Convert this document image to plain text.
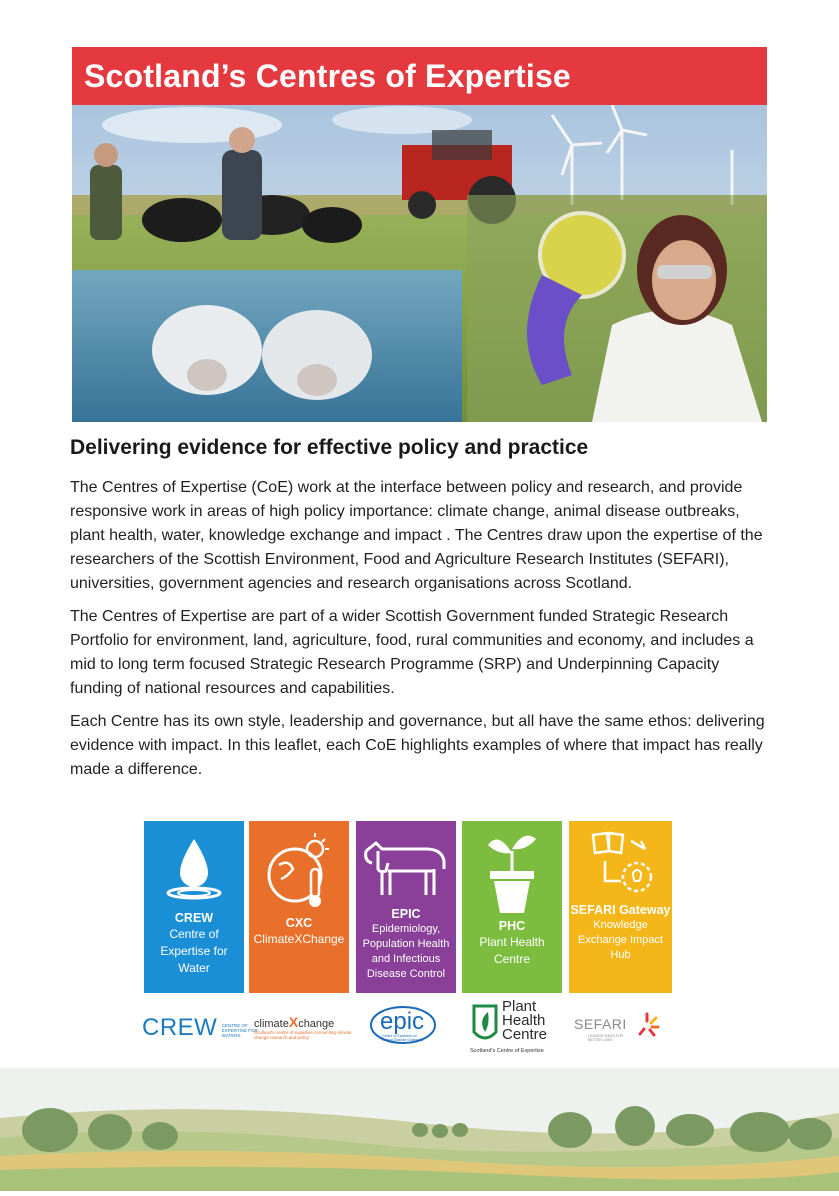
Scotland’s Centres of Expertise
Delivering evidence for effective policy and practice

The Centres of Expertise (CoE) work at the interface between policy and research, and provide responsive work in areas of high policy importance: climate change, animal disease outbreaks, plant health, water, knowledge exchange and impact . The Centres draw upon the expertise of the researchers of the Scottish Environment, Food and Agriculture Research Institutes (SEFARI), universities, government agencies and research organisations across Scotland.

The Centres of Expertise are part of a wider Scottish Government funded Strategic Research Portfolio for environment, land, agriculture, food, rural communities and economy, and includes a mid to long term focused Strategic Research Programme (SRP) and Underpinning Capacity funding of national resources and capabilities.

Each Centre has its own style, leadership and governance, but all have the same ethos: delivering evidence with impact. In this leaflet, each CoE highlights examples of where that impact has really made a difference.

CREW
Centre of Expertise for Water
CXC
ClimateXChange
EPIC
Epidemiology, Population Health and Infectious Disease Control
PHC
Plant Health Centre
SEFARI Gateway
Knowledge Exchange Impact Hub
CREW CENTRE OF EXPERTISE FOR WATERS
climateXchange
Scotland's centre of expertise connecting climate change research and policy
epic
Centre of Expertise on Animal Disease Outbreaks
Plant
Health
Centre
Scotland's Centre of Expertise
SEFARI
LEADING IDEAS FOR BETTER LIVES
